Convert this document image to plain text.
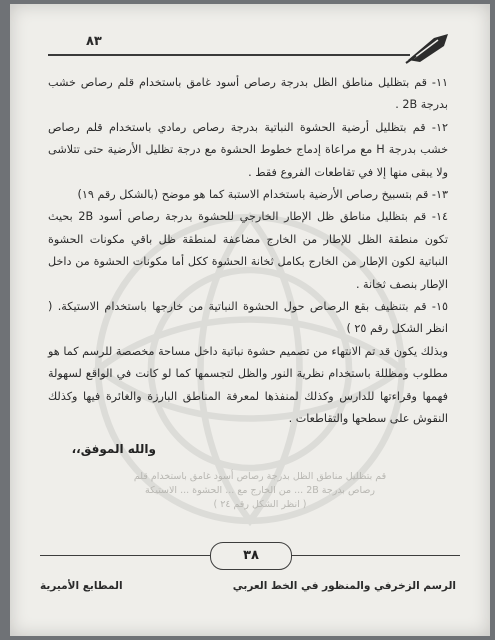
٨٣

١١- قم بتظليل مناطق الظل بدرجة رصاص أسود غامق باستخدام قلم رصاص خشب بدرجة 2B .

١٢- قم بتظليل أرضية الحشوة النباتية بدرجة رصاص رمادي باستخدام قلم رصاص خشب بدرجة H مع مراعاة إدماج خطوط الحشوة مع درجة تظليل الأرضية حتى تتلاشى ولا يبقى منها إلا في تقاطعات الفروع فقط .

١٣- قم بتسبيخ رصاص الأرضية باستخدام الاستبة كما هو موضح (بالشكل رقم ١٩)

١٤- قم بتظليل مناطق ظل الإطار الخارجي للحشوة بدرجة رصاص أسود 2B بحيث تكون منطقة الظل للإطار من الخارج مضاعفة لمنطقة ظل باقي مكونات الحشوة النباتية لكون الإطار من الخارج بكامل ثخانة الحشوة ككل أما مكونات الحشوة من داخل الإطار بنصف ثخانة .

١٥- قم بتنظيف بقع الرصاص حول الحشوة النباتية من خارجها باستخدام الاستيكة. ( انظر الشكل رقم ٢٥ )

وبذلك يكون قد تم الانتهاء من تصميم حشوة نباتية داخل مساحة مخصصة للرسم كما هو مطلوب ومظللة باستخدام نظرية النور والظل لتجسمها كما لو كانت في الواقع لسهولة فهمها وقراءتها للدارس وكذلك لمنفذها لمعرفة المناطق البارزة والغائرة فيها وكذلك النقوش على سطحها والتقاطعات .

والله الموفق،،

قم بتظليل مناطق الظل بدرجة رصاص أسود غامق باستخدام قلم

رصاص بدرجة 2B ... من الخارج مع ... الحشوة ... الاستيكة

( انظر الشكل رقم ٢٤ )

٣٨
الرسم الزخرفي والمنظور في الخط العربي
المطابع الأميرية
